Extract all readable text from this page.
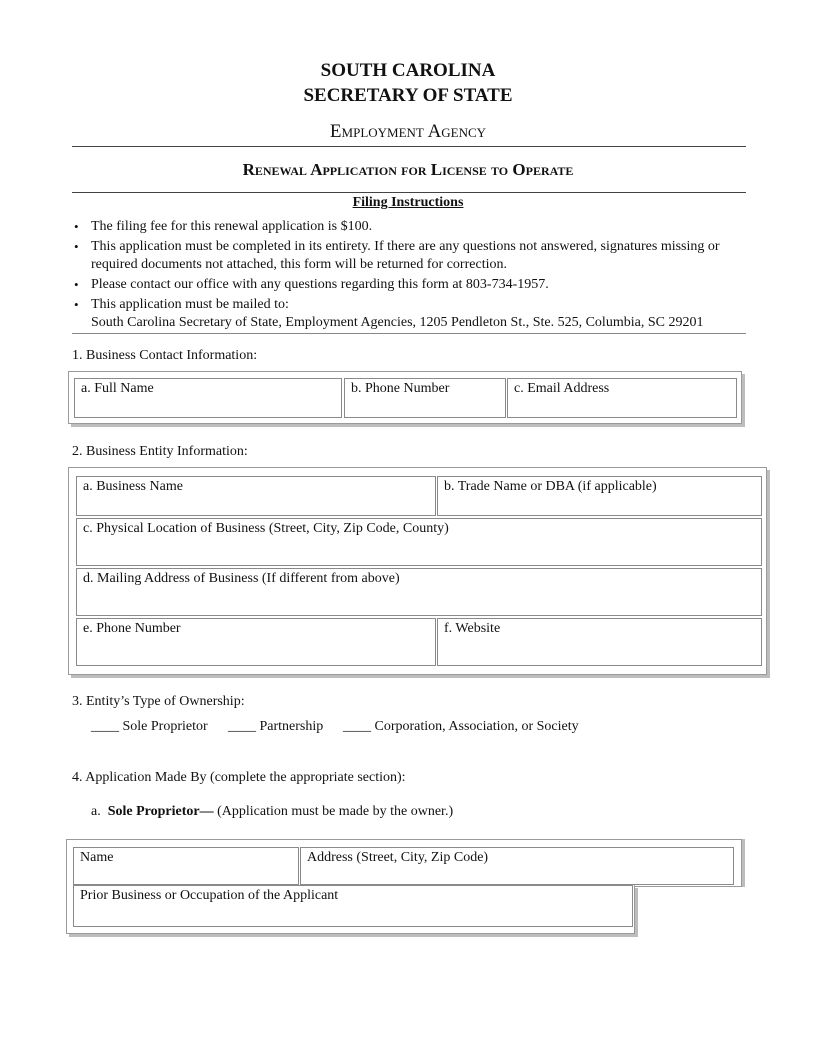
SOUTH CAROLINA
SECRETARY OF STATE
Employment Agency
Renewal Application for License to Operate
Filing Instructions
• The filing fee for this renewal application is $100.
• This application must be completed in its entirety. If there are any questions not answered, signatures missing or required documents not attached, this form will be returned for correction.
• Please contact our office with any questions regarding this form at 803-734-1957.
• This application must be mailed to:
South Carolina Secretary of State, Employment Agencies, 1205 Pendleton St., Ste. 525, Columbia, SC 29201
1. Business Contact Information:
a. Full Name	b. Phone Number	c. Email Address
2. Business Entity Information:
a. Business Name	b. Trade Name or DBA (if applicable)
c. Physical Location of Business (Street, City, Zip Code, County)
d. Mailing Address of Business (If different from above)
e. Phone Number	f. Website
3. Entity’s Type of Ownership:
____ Sole Proprietor ____ Partnership ____ Corporation, Association, or Society
4. Application Made By (complete the appropriate section):
a. Sole Proprietor— (Application must be made by the owner.)
Name	Address (Street, City, Zip Code)
Prior Business or Occupation of the Applicant
